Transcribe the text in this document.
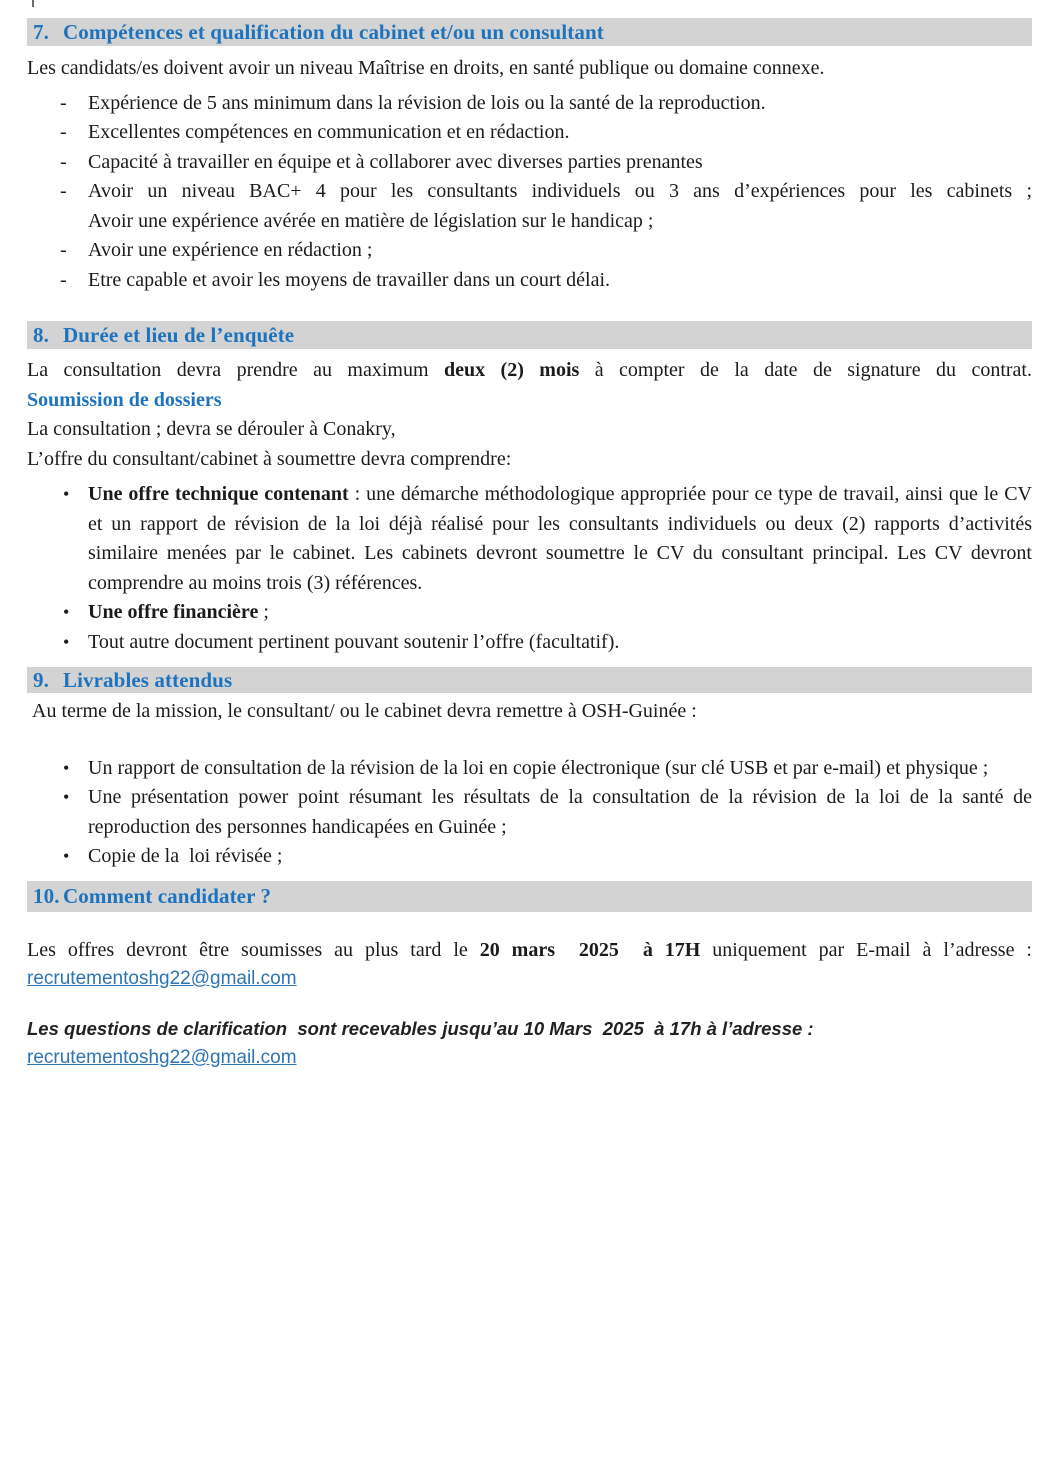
7. Compétences et qualification du cabinet et/ou un consultant

Les candidats/es doivent avoir un niveau Maîtrise en droits, en santé publique ou domaine connexe.

- Expérience de 5 ans minimum dans la révision de lois ou la santé de la reproduction.
- Excellentes compétences en communication et en rédaction.
- Capacité à travailler en équipe et à collaborer avec diverses parties prenantes
- Avoir un niveau BAC+ 4 pour les consultants individuels ou 3 ans d’expériences pour les cabinets ;
Avoir une expérience avérée en matière de législation sur le handicap ;
- Avoir une expérience en rédaction ;
- Etre capable et avoir les moyens de travailler dans un court délai.
8. Durée et lieu de l’enquête

La consultation devra prendre au maximum deux (2) mois à compter de la date de signature du contrat.

Soumission de dossiers

La consultation ; devra se dérouler à Conakry,

L’offre du consultant/cabinet à soumettre devra comprendre:

• Une offre technique contenant : une démarche méthodologique appropriée pour ce type de travail, ainsi que le CV et un rapport de révision de la loi déjà réalisé pour les consultants individuels ou deux (2) rapports d’activités similaire menées par le cabinet. Les cabinets devront soumettre le CV du consultant principal. Les CV devront comprendre au moins trois (3) références.
• Une offre financière ;
• Tout autre document pertinent pouvant soutenir l’offre (facultatif).
9. Livrables attendus

Au terme de la mission, le consultant/ ou le cabinet devra remettre à OSH-Guinée :

• Un rapport de consultation de la révision de la loi en copie électronique (sur clé USB et par e-mail) et physique ;
• Une présentation power point résumant les résultats de la consultation de la révision de la loi de la santé de reproduction des personnes handicapées en Guinée ;
• Copie de la  loi révisée ;
10. Comment candidater ?

Les offres devront être soumisses au plus tard le 20 mars  2025  à 17H uniquement par E-mail à l’adresse :

recrutementoshg22@gmail.com

Les questions de clarification  sont recevables jusqu’au 10 Mars  2025  à 17h à l’adresse :

recrutementoshg22@gmail.com
